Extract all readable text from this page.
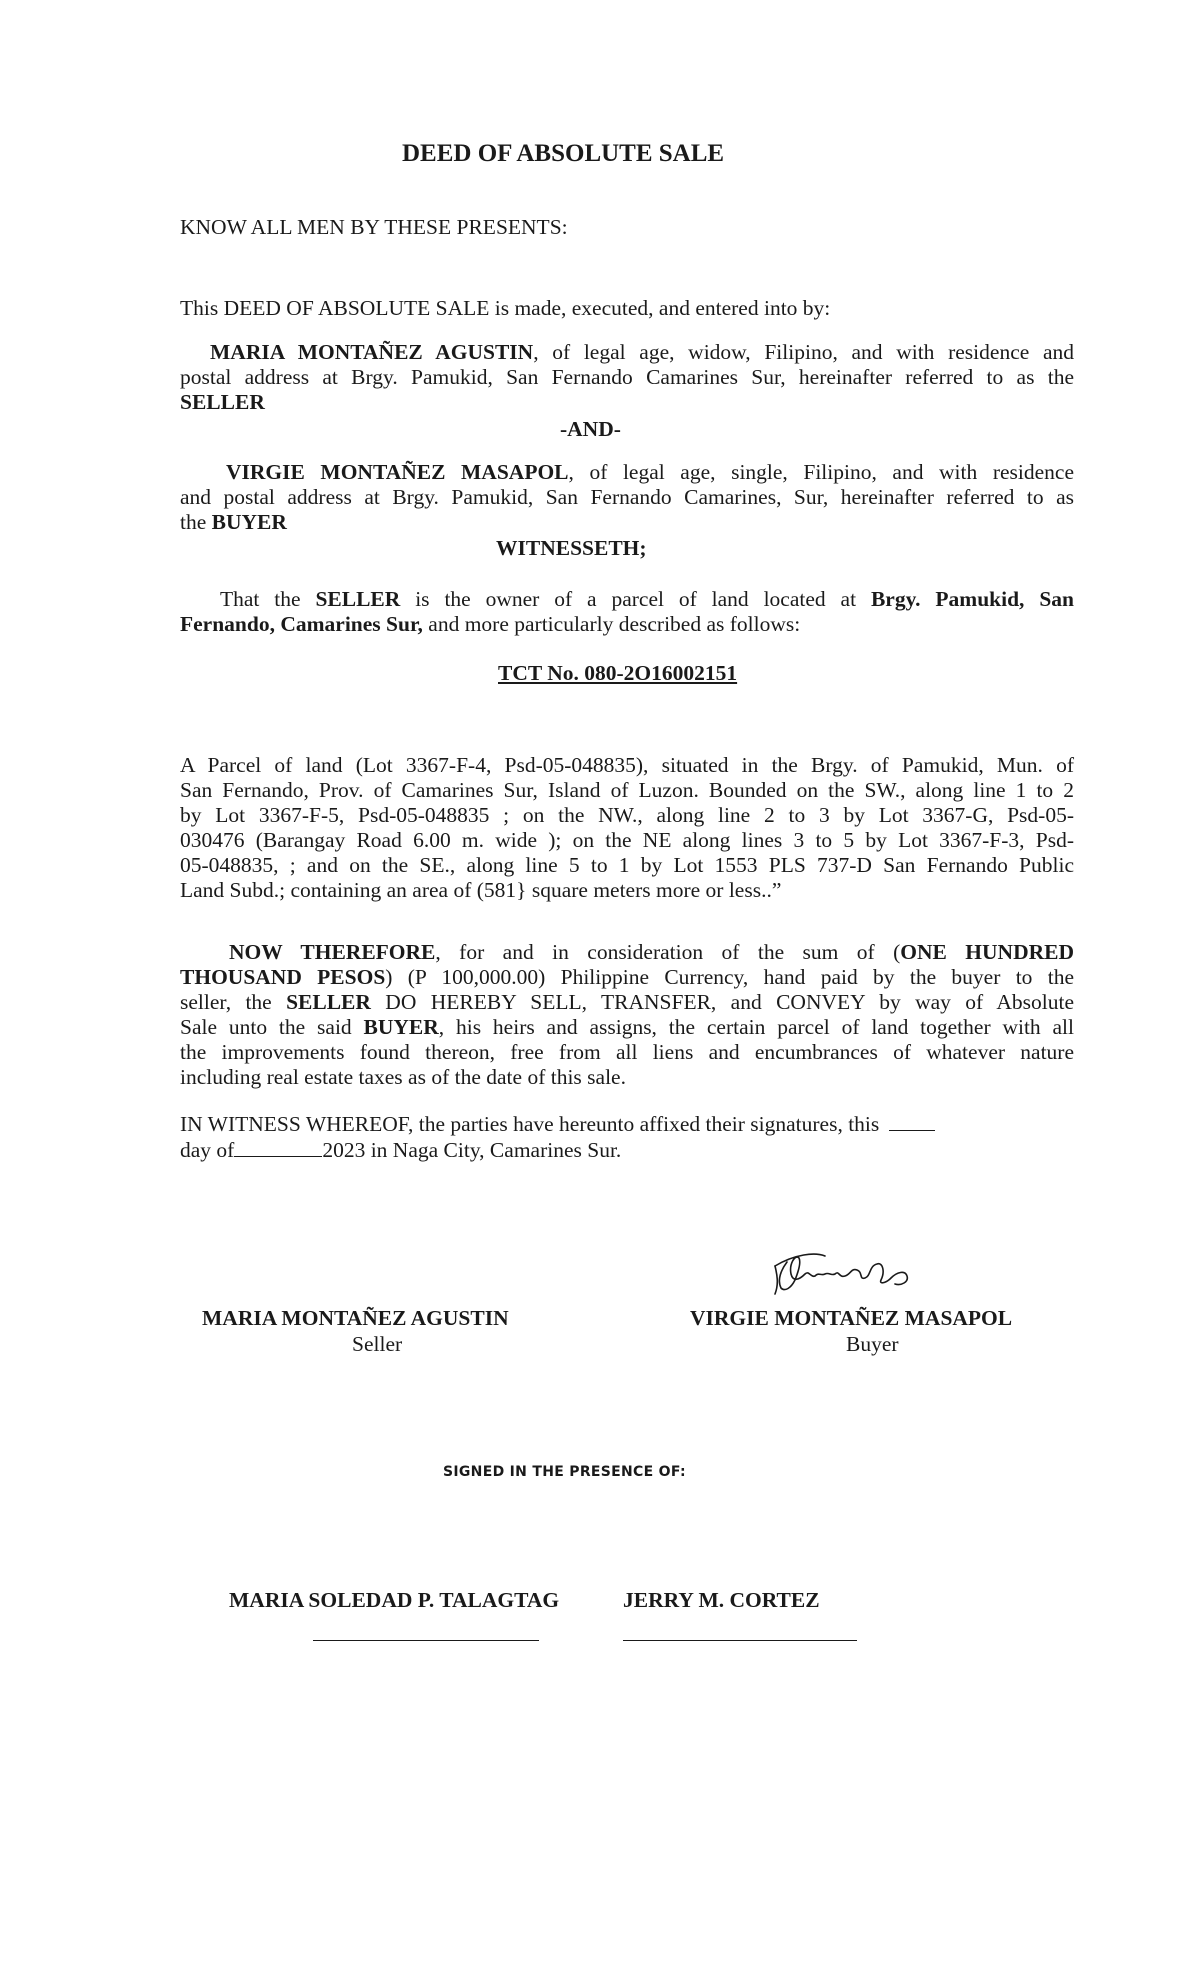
DEED OF ABSOLUTE SALE
KNOW ALL MEN BY THESE PRESENTS:
This DEED OF ABSOLUTE SALE is made, executed, and entered into by:
MARIA MONTAÑEZ AGUSTIN, of legal age, widow, Filipino, and with residence and
postal address at Brgy. Pamukid, San Fernando Camarines Sur, hereinafter referred to as the
SELLER
-AND-
VIRGIE MONTAÑEZ MASAPOL, of legal age, single, Filipino, and with residence
and postal address at Brgy. Pamukid, San Fernando Camarines, Sur, hereinafter referred to as
the BUYER
WITNESSETH;
That the SELLER is the owner of a parcel of land located at Brgy. Pamukid, San
Fernando, Camarines Sur, and more particularly described as follows:
TCT No. 080-2O16002151
A Parcel of land (Lot 3367-F-4, Psd-05-048835), situated in the Brgy. of Pamukid, Mun. of
San Fernando, Prov. of Camarines Sur, Island of Luzon. Bounded on the SW., along line 1 to 2
by Lot 3367-F-5, Psd-05-048835 ; on the NW., along line 2 to 3 by Lot 3367-G, Psd-05-
030476 (Barangay Road 6.00 m. wide ); on the NE along lines 3 to 5 by Lot 3367-F-3, Psd-
05-048835, ; and on the SE., along line 5 to 1 by Lot 1553 PLS 737-D San Fernando Public
Land Subd.; containing an area of (581} square meters more or less..”
NOW THEREFORE, for and in consideration of the sum of (ONE HUNDRED
THOUSAND PESOS) (P 100,000.00) Philippine Currency, hand paid by the buyer to the
seller, the SELLER DO HEREBY SELL, TRANSFER, and CONVEY by way of Absolute
Sale unto the said BUYER, his heirs and assigns, the certain parcel of land together with all
the improvements found thereon, free from all liens and encumbrances of whatever nature
including real estate taxes as of the date of this sale.
IN WITNESS WHEREOF, the parties have hereunto affixed their signatures, this
day of	2023 in Naga City, Camarines Sur.
VMasapol
MARIA MONTAÑEZ AGUSTIN
Seller
VIRGIE MONTAÑEZ MASAPOL
Buyer
SIGNED IN THE PRESENCE OF:
MARIA SOLEDAD P. TALAGTAG	JERRY M. CORTEZ
